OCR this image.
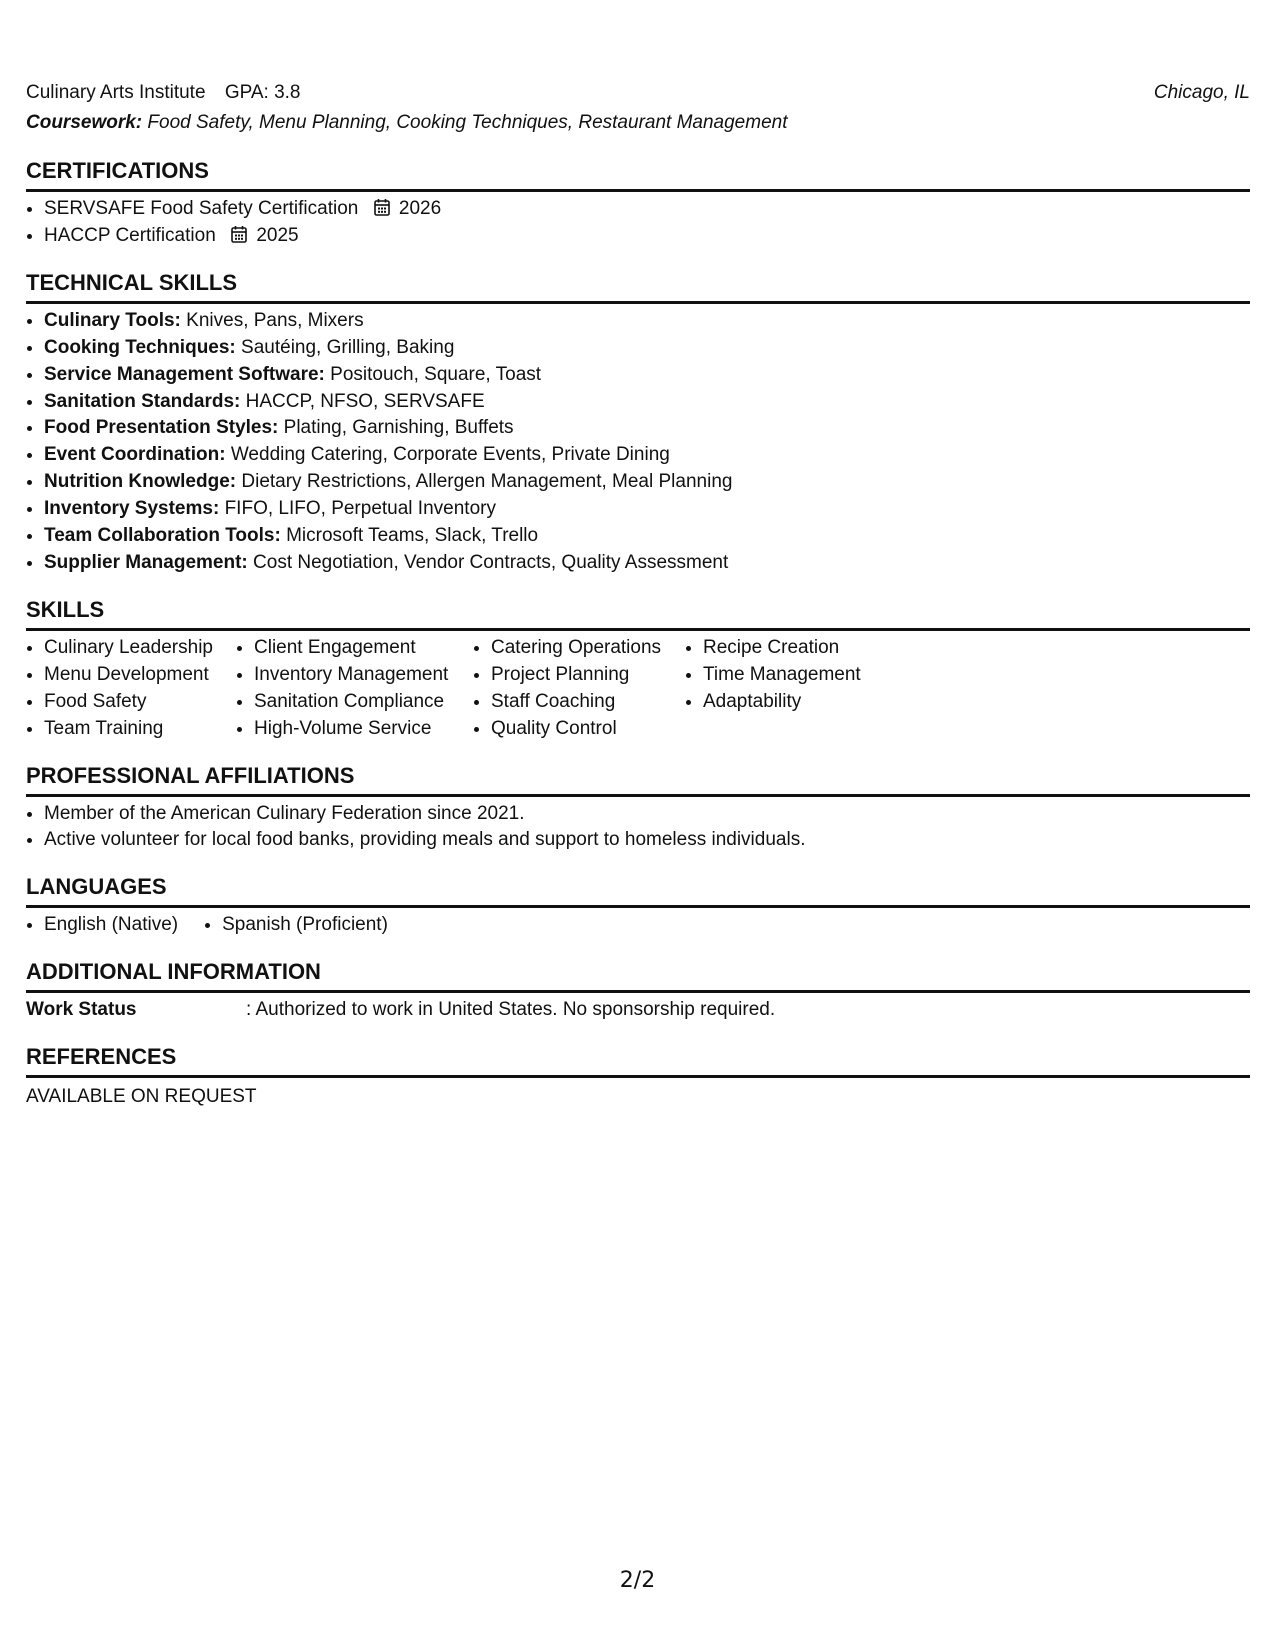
Culinary Arts Institute GPA: 3.8	Chicago, IL
Coursework: Food Safety, Menu Planning, Cooking Techniques, Restaurant Management
CERTIFICATIONS
• SERVSAFE Food Safety Certification 2026
• HACCP Certification 2025
TECHNICAL SKILLS
• Culinary Tools: Knives, Pans, Mixers
• Cooking Techniques: Sautéing, Grilling, Baking
• Service Management Software: Positouch, Square, Toast
• Sanitation Standards: HACCP, NFSO, SERVSAFE
• Food Presentation Styles: Plating, Garnishing, Buffets
• Event Coordination: Wedding Catering, Corporate Events, Private Dining
• Nutrition Knowledge: Dietary Restrictions, Allergen Management, Meal Planning
• Inventory Systems: FIFO, LIFO, Perpetual Inventory
• Team Collaboration Tools: Microsoft Teams, Slack, Trello
• Supplier Management: Cost Negotiation, Vendor Contracts, Quality Assessment
SKILLS
• Culinary Leadership
• Menu Development
• Food Safety
• Team Training
• Client Engagement
• Inventory Management
• Sanitation Compliance
• High-Volume Service
• Catering Operations
• Project Planning
• Staff Coaching
• Quality Control
• Recipe Creation
• Time Management
• Adaptability
PROFESSIONAL AFFILIATIONS
• Member of the American Culinary Federation since 2021.
• Active volunteer for local food banks, providing meals and support to homeless individuals.
LANGUAGES
• English (Native)
• Spanish (Proficient)
ADDITIONAL INFORMATION
Work Status	: Authorized to work in United States. No sponsorship required.
REFERENCES
AVAILABLE ON REQUEST
2/2
